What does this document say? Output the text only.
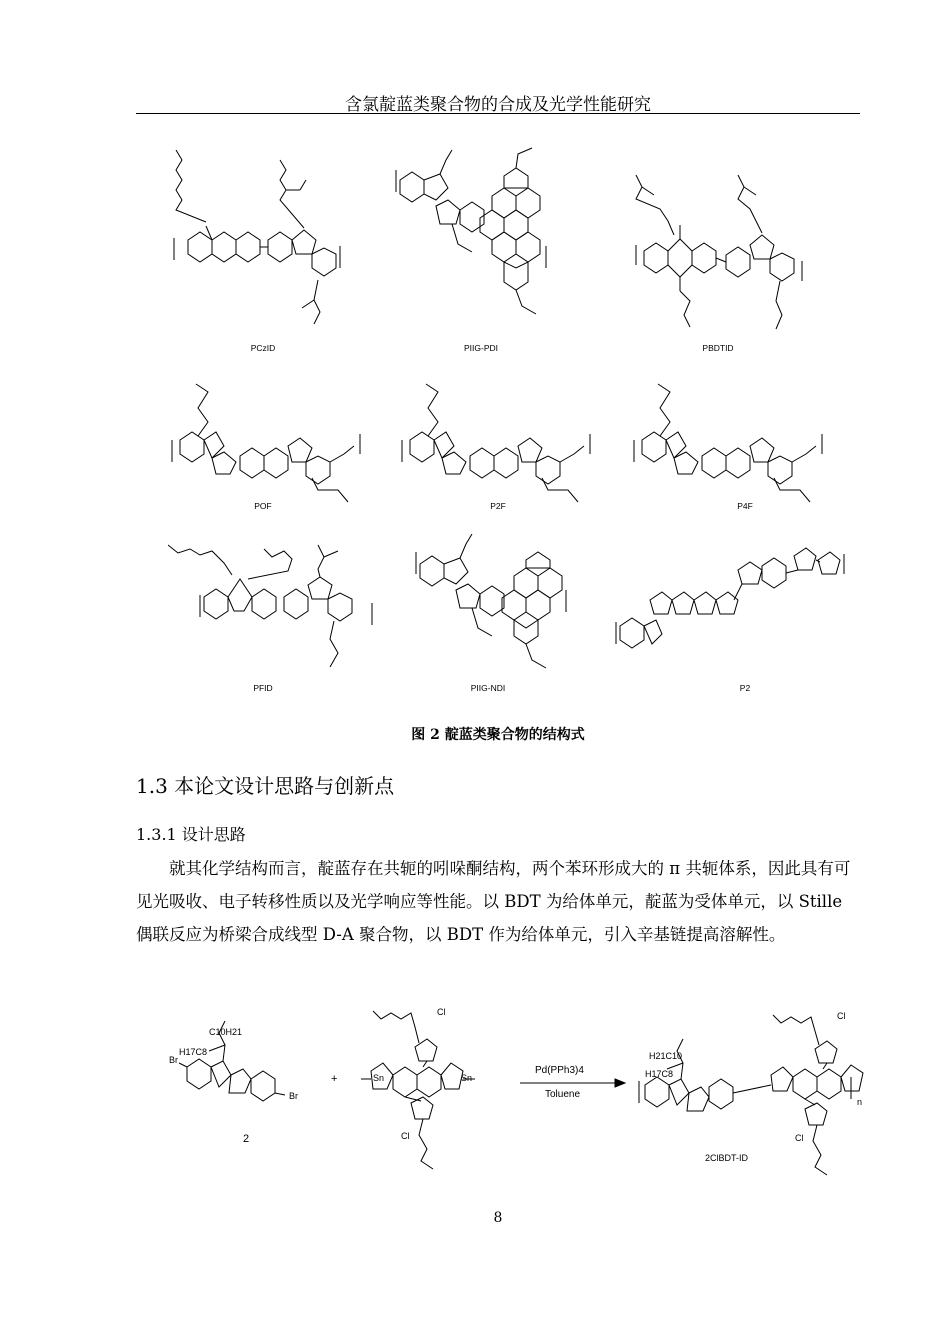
含氯靛蓝类聚合物的合成及光学性能研究
PCzID	PIIG-PDI	PBDTID
POF	P2F	P4F
PFID	PIIG-NDI	P2
图 2 靛蓝类聚合物的结构式
1.3 本论文设计思路与创新点
1.3.1 设计思路

就其化学结构而言，靛蓝存在共轭的吲哚酮结构，两个苯环形成大的 π 共轭体系，因此具有可见光吸收、电子转移性质以及光学响应等性能。以 BDT 为给体单元，靛蓝为受体单元，以 Stille 偶联反应为桥梁合成线型 D-A 聚合物，以 BDT 作为给体单元，引入辛基链提高溶解性。

Br
Br
C10H21
H17C8
2
+
Cl
Cl
Sn	Sn
Pd(PPh3)4
Toluene
H21C10
H17C8
Cl
Cl
n
2ClBDT-ID
8
